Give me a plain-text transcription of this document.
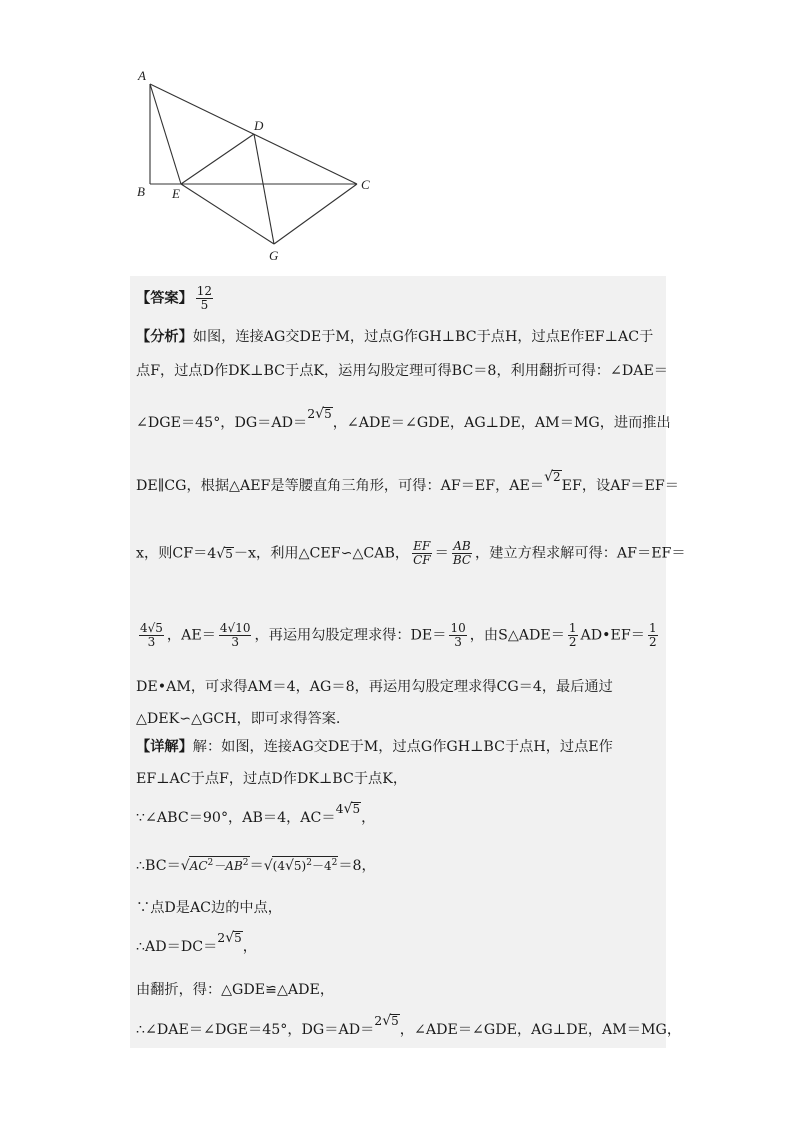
A
D
B E
C
G
【答案】 $\frac{12}{5}$
【分析】如图，连接AG交DE于M，过点G作GH⊥BC于点H，过点E作EF⊥AC于
点F，过点D作DK⊥BC于点K，运用勾股定理可得BC＝8，利用翻折可得：∠DAE＝
∠DGE＝45°，DG＝AD＝2√5，∠ADE＝∠GDE，AG⊥DE，AM＝MG，进而推出
DE∥CG，根据△AEF是等腰直角三角形，可得：AF＝EF，AE＝√2EF，设AF＝EF＝
x，则CF＝4√5－x，利用△CEF∽△CAB， $\frac{EF}{CF} = \frac{AB}{BC}$ ，建立方程求解可得：AF＝EF＝
$\frac{4√5}{3}$ ，$AE= \frac{4√10}{3}$ ，再运用勾股定理求得：$DE= \frac{10}{3}$ ，由S△ADE＝ $\frac{1}{2}$ AD•EF＝ $\frac{1}{2}$
DE•AM，可求得AM＝4，AG＝8，再运用勾股定理求得CG＝4，最后通过
△DEK∽△GCH，即可求得答案.
【详解】解：如图，连接AG交DE于M，过点G作GH⊥BC于点H，过点E作
EF⊥AC于点F，过点D作DK⊥BC于点K，
∵∠ABC＝90°，AB＝4，AC＝4√5，
$\therefore BC=√AC^2-AB^2=√(4√5)^2-4^2=8$，
∵点D是AC边的中点，
∴AD＝DC＝2√5，
由翻折，得：△GDE≌△ADE，
∴∠DAE＝∠DGE＝45°，DG＝AD＝2√5，∠ADE＝∠GDE，AG⊥DE，AM＝MG，
